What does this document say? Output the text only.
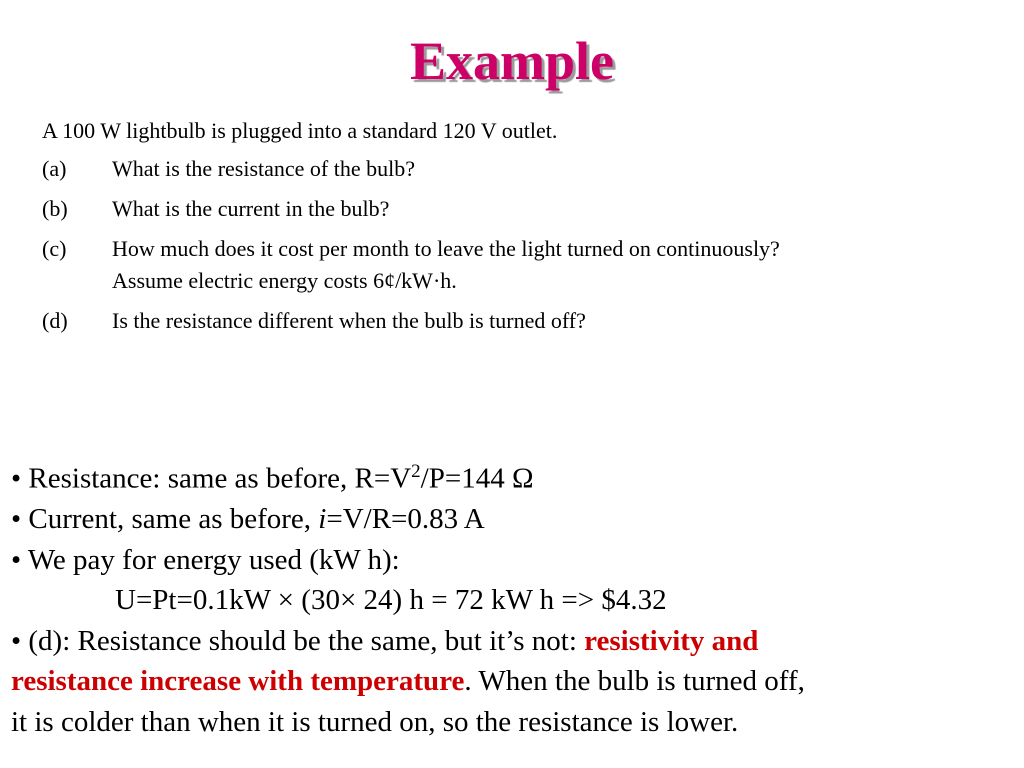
Example
A 100 W lightbulb is plugged into a standard 120 V outlet.
(a) What is the resistance of the bulb?
(b) What is the current in the bulb?
(c) How much does it cost per month to leave the light turned on continuously? Assume electric energy costs 6¢/kW·h.
(d) Is the resistance different when the bulb is turned off?
• Resistance: same as before, $R=V^2/P=144$ Ω
• Current, same as before, i=V/R=0.83 A
• We pay for energy used (kW h):
U=Pt=0.1kW × (30× 24) h = 72 kW h => $4.32
• (d): Resistance should be the same, but it’s not: resistivity and
resistance increase with temperature. When the bulb is turned off,
it is colder than when it is turned on, so the resistance is lower.
